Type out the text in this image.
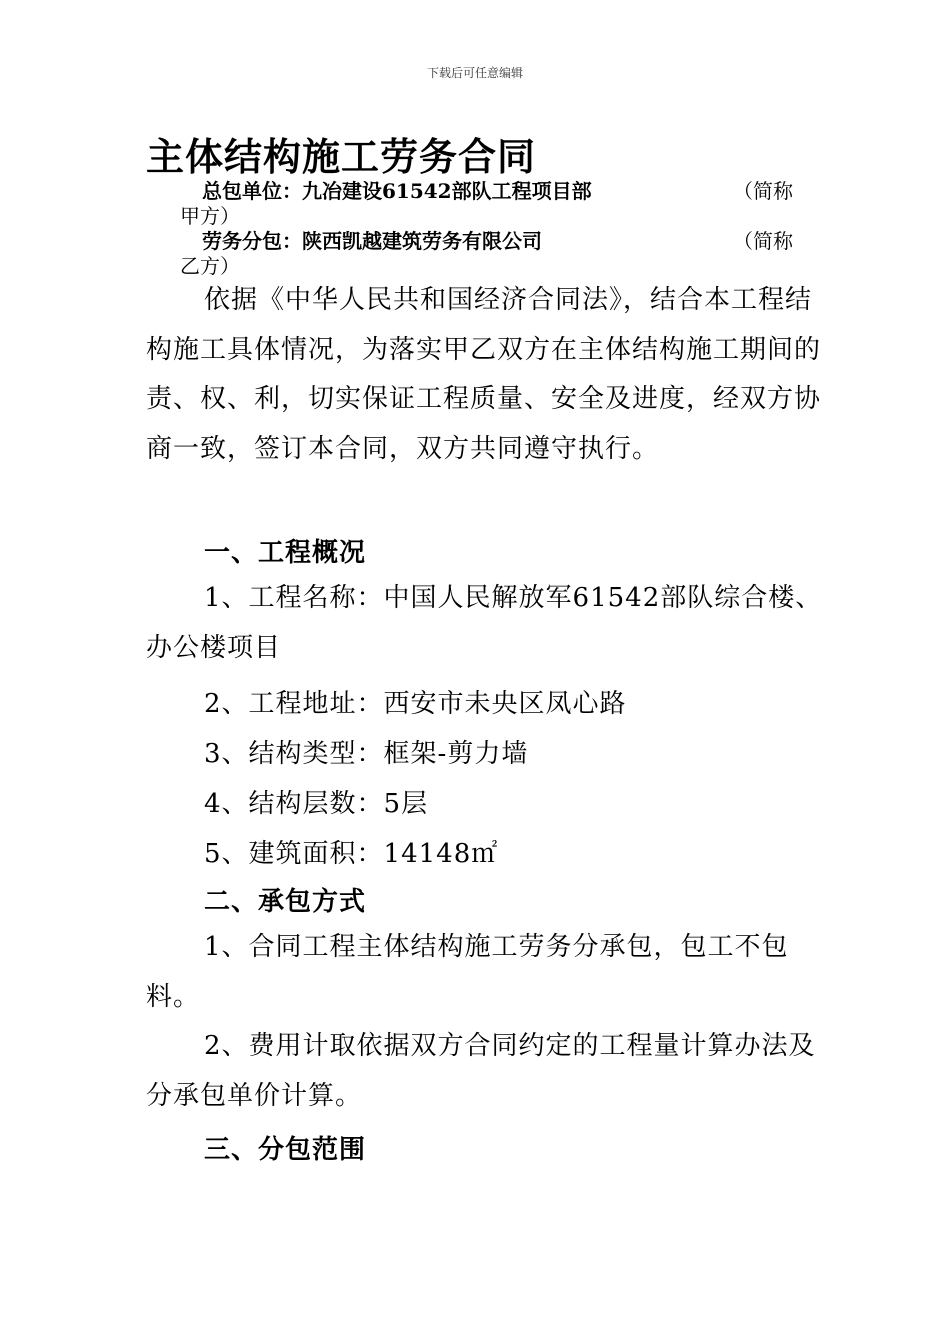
下载后可任意编辑
主体结构施工劳务合同
总包单位：九冶建设61542部队工程项目部	（简称
甲方）
劳务分包：陕西凯越建筑劳务有限公司	（简称
乙方）

依据《中华人民共和国经济合同法》，结合本工程结构施工具体情况，为落实甲乙双方在主体结构施工期间的责、权、利，切实保证工程质量、安全及进度，经双方协商一致，签订本合同，双方共同遵守执行。

一、工程概况

1、工程名称：中国人民解放军61542部队综合楼、办公楼项目

2、工程地址：西安市未央区凤心路
3、结构类型：框架-剪力墙
4、结构层数：5层
5、建筑面积：14148㎡
二、承包方式

1、合同工程主体结构施工劳务分承包，包工不包料。

2、费用计取依据双方合同约定的工程量计算办法及分承包单价计算。

三、分包范围
